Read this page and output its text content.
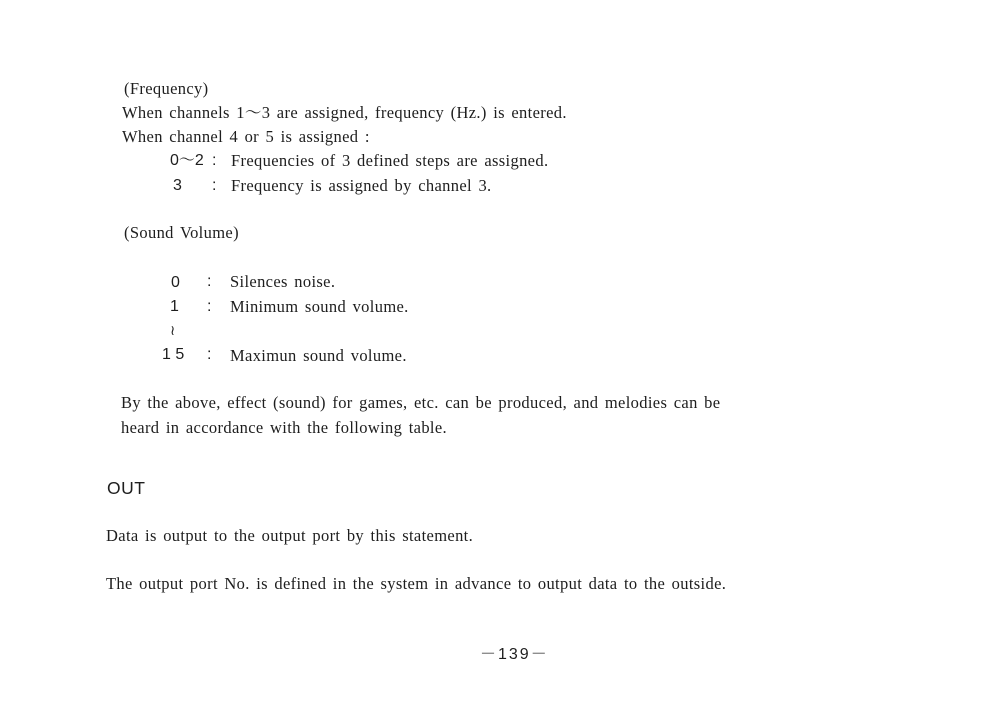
(Frequency)
When channels 1～3 are assigned, frequency (Hz.) is entered.
When channel 4 or 5 is assigned :
0～2 : Frequencies of 3 defined steps are assigned.
3 : Frequency is assigned by channel 3.
(Sound Volume)
0 : Silences noise.
1 : Minimum sound volume.
≀
1 5 : Maximun sound volume.
By the above, effect (sound) for games, etc. can be produced, and melodies can be
heard in accordance with the following table.
OUT
Data is output to the output port by this statement.
The output port No. is defined in the system in advance to output data to the outside.
－139－
